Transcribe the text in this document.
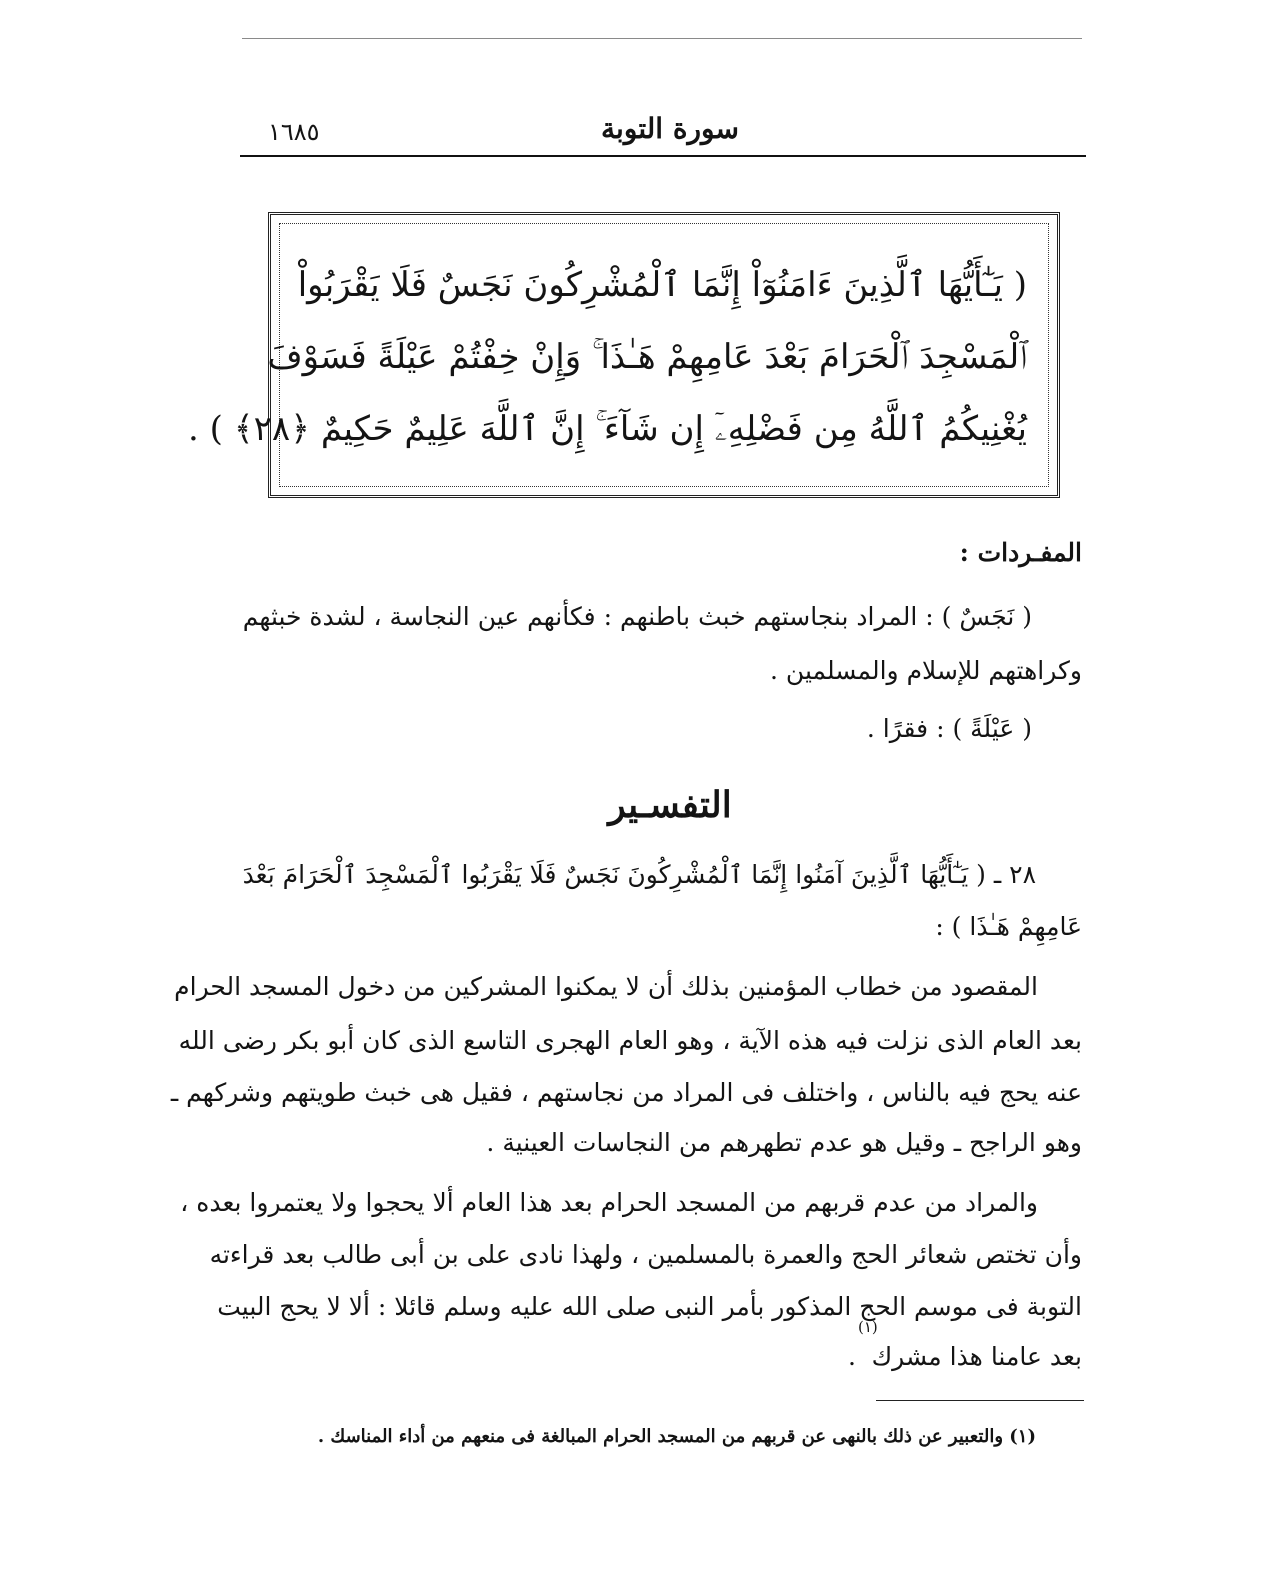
١٦٨٥	سورة التوبة
( يَـٰٓأَيُّهَا ٱلَّذِينَ ءَامَنُوٓاْ إِنَّمَا ٱلْمُشْرِكُونَ نَجَسٌ فَلَا يَقْرَبُواْ
ٱلْمَسْجِدَ ٱلْحَرَامَ بَعْدَ عَامِهِمْ هَـٰذَا ۚ وَإِنْ خِفْتُمْ عَيْلَةً فَسَوْفَ
يُغْنِيكُمُ ٱللَّهُ مِن فَضْلِهِۦٓ إِن شَآءَ ۚ إِنَّ ٱللَّهَ عَلِيمٌ حَكِيمٌ ﴿٢٨﴾ ) .
المفـردات :
( نَجَسٌ ) : المراد بنجاستهم خبث باطنهم : فكأنهم عين النجاسة ، لشدة خبثهم
وكراهتهم للإسلام والمسلمين .
( عَيْلَةً ) : فقرًا .
التفسـير
٢٨ ـ ( يَـٰٓأَيُّهَا ٱلَّذِينَ آمَنُوا إِنَّمَا ٱلْمُشْرِكُونَ نَجَسٌ فَلَا يَقْرَبُوا ٱلْمَسْجِدَ ٱلْحَرَامَ بَعْدَ
عَامِهِمْ هَـٰذَا ) :
المقصود من خطاب المؤمنين بذلك أن لا يمكنوا المشركين من دخول المسجد الحرام
بعد العام الذى نزلت فيه هذه الآية ، وهو العام الهجرى التاسع الذى كان أبو بكر رضى الله
عنه يحج فيه بالناس ، واختلف فى المراد من نجاستهم ، فقيل هى خبث طويتهم وشركهم ـ
وهو الراجح ـ وقيل هو عدم تطهرهم من النجاسات العينية .
والمراد من عدم قربهم من المسجد الحرام بعد هذا العام ألا يحجوا ولا يعتمروا بعده ،
وأن تختص شعائر الحج والعمرة بالمسلمين ، ولهذا نادى على بن أبى طالب بعد قراءته
التوبة فى موسم الحج المذكور بأمر النبى صلى الله عليه وسلم قائلا : ألا لا يحج البيت
بعد عامنا هذا مشرك
.
(١)
(١) والتعبير عن ذلك بالنهى عن قربهم من المسجد الحرام المبالغة فى منعهم من أداء المناسك .
